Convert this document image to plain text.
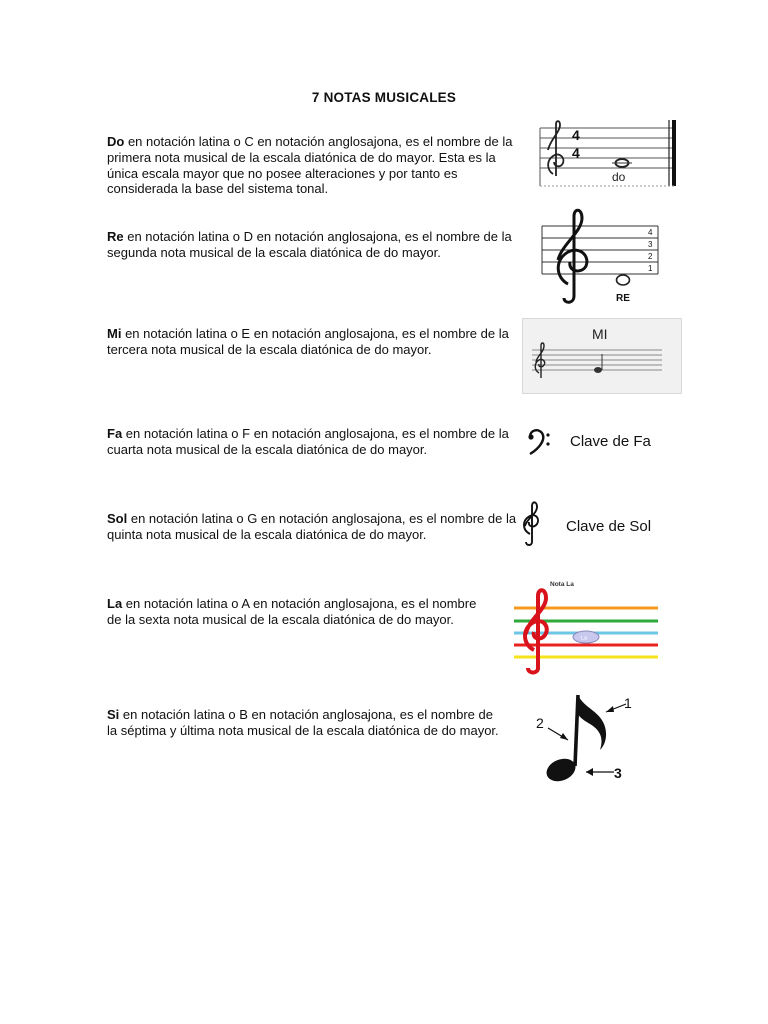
7 NOTAS MUSICALES

Do en notación latina o C en notación anglosajona, es el nombre de la primera nota musical de la escala diatónica de do mayor. Esta es la única escala mayor que no posee alteraciones y por tanto es considerada la base del sistema tonal.

4
4
do

Re en notación latina o D en notación anglosajona, es el nombre de la segunda nota musical de la escala diatónica de do mayor.

4
3
2
1
RE

Mi en notación latina o E en notación anglosajona, es el nombre de la tercera nota musical de la escala diatónica de do mayor.

MI

Fa en notación latina o F en notación anglosajona, es el nombre de la cuarta nota musical de la escala diatónica de do mayor.	Clave de Fa

Sol en notación latina o G en notación anglosajona, es el nombre de la quinta nota musical de la escala diatónica de do mayor.	Clave de Sol

La en notación latina o A en notación anglosajona, es el nombre de la sexta nota musical de la escala diatónica de do mayor.

Nota La
La

Si en notación latina o B en notación anglosajona, es el nombre de la séptima y última nota musical de la escala diatónica de do mayor.

1
2
3
